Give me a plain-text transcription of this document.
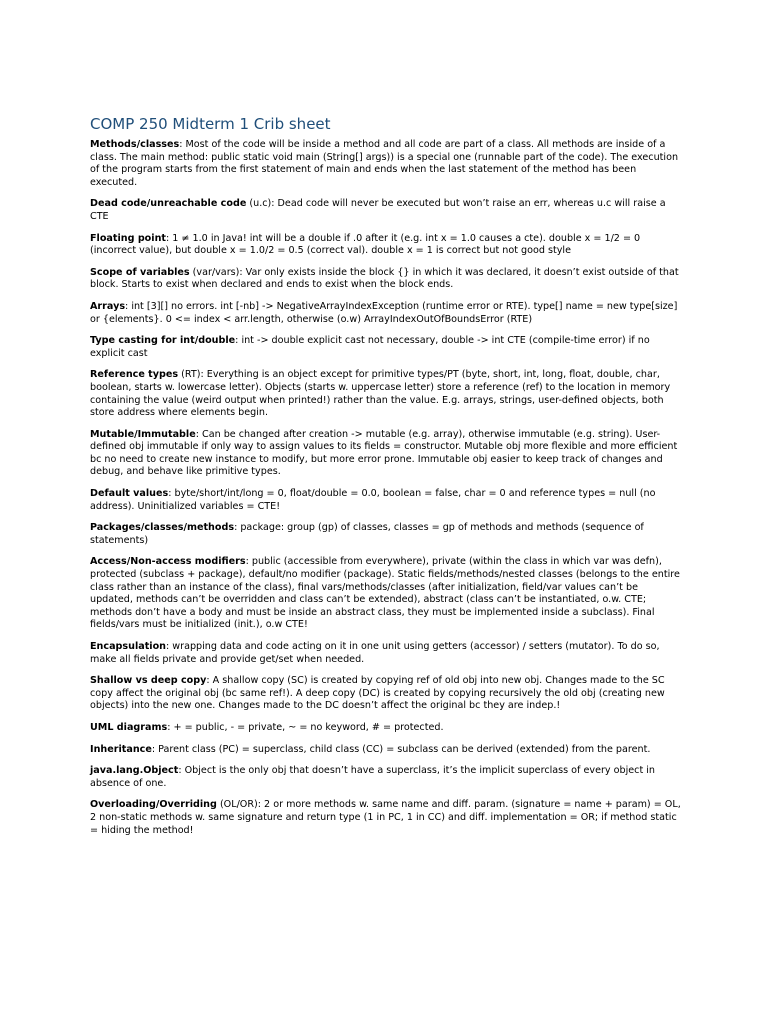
COMP 250 Midterm 1 Crib sheet

Methods/classes: Most of the code will be inside a method and all code are part of a class. All methods are inside of a class. The main method: public static void main (String[] args)) is a special one (runnable part of the code). The execution of the program starts from the first statement of main and ends when the last statement of the method has been executed.

Dead code/unreachable code (u.c): Dead code will never be executed but won’t raise an err, whereas u.c will raise a CTE

Floating point: 1 ≠ 1.0 in Java! int will be a double if .0 after it (e.g. int x = 1.0 causes a cte). double x = 1/2 = 0 (incorrect value), but double x = 1.0/2 = 0.5 (correct val). double x = 1 is correct but not good style

Scope of variables (var/vars): Var only exists inside the block {} in which it was declared, it doesn’t exist outside of that block. Starts to exist when declared and ends to exist when the block ends.

Arrays: int [3][] no errors. int [-nb] -> NegativeArrayIndexException (runtime error or RTE). type[] name = new type[size] or {elements}. 0 <= index < arr.length, otherwise (o.w) ArrayIndexOutOfBoundsError (RTE)

Type casting for int/double: int -> double explicit cast not necessary, double -> int CTE (compile-time error) if no explicit cast

Reference types (RT): Everything is an object except for primitive types/PT (byte, short, int, long, float, double, char, boolean, starts w. lowercase letter). Objects (starts w. uppercase letter) store a reference (ref) to the location in memory containing the value (weird output when printed!) rather than the value. E.g. arrays, strings, user-defined objects, both store address where elements begin.

Mutable/Immutable: Can be changed after creation -> mutable (e.g. array), otherwise immutable (e.g. string). User-defined obj immutable if only way to assign values to its fields = constructor. Mutable obj more flexible and more efficient bc no need to create new instance to modify, but more error prone. Immutable obj easier to keep track of changes and debug, and behave like primitive types.

Default values: byte/short/int/long = 0, float/double = 0.0, boolean = false, char = 0 and reference types = null (no address). Uninitialized variables = CTE!

Packages/classes/methods: package: group (gp) of classes, classes = gp of methods and methods (sequence of statements)

Access/Non-access modifiers: public (accessible from everywhere), private (within the class in which var was defn), protected (subclass + package), default/no modifier (package). Static fields/methods/nested classes (belongs to the entire class rather than an instance of the class), final vars/methods/classes (after initialization, field/var values can’t be updated, methods can’t be overridden and class can’t be extended), abstract (class can’t be instantiated, o.w. CTE; methods don’t have a body and must be inside an abstract class, they must be implemented inside a subclass). Final fields/vars must be initialized (init.), o.w CTE!

Encapsulation: wrapping data and code acting on it in one unit using getters (accessor) / setters (mutator). To do so, make all fields private and provide get/set when needed.

Shallow vs deep copy: A shallow copy (SC) is created by copying ref of old obj into new obj. Changes made to the SC copy affect the original obj (bc same ref!). A deep copy (DC) is created by copying recursively the old obj (creating new objects) into the new one. Changes made to the DC doesn’t affect the original bc they are indep.!

UML diagrams: + = public, - = private, ~ = no keyword, # = protected.

Inheritance: Parent class (PC) = superclass, child class (CC) = subclass can be derived (extended) from the parent.

java.lang.Object: Object is the only obj that doesn’t have a superclass, it’s the implicit superclass of every object in absence of one.

Overloading/Overriding (OL/OR): 2 or more methods w. same name and diff. param. (signature = name + param) = OL, 2 non-static methods w. same signature and return type (1 in PC, 1 in CC) and diff. implementation = OR; if method static = hiding the method!
